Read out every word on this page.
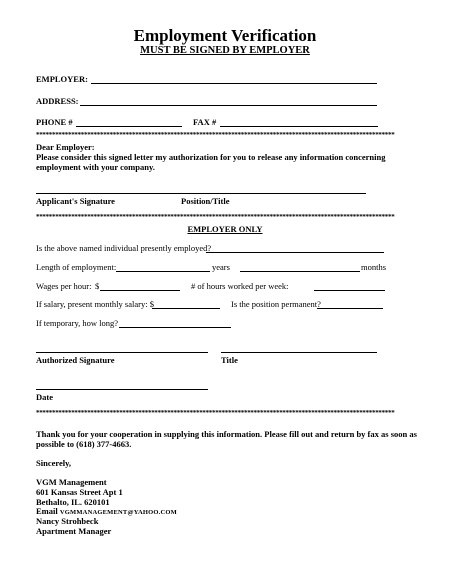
Employment Verification
MUST BE SIGNED BY EMPLOYER
EMPLOYER:
ADDRESS:
PHONE #	FAX #
****************************************************************************************************************
Dear Employer:
Please consider this signed letter my authorization for you to release any information concerning employment with your company.
Applicant's Signature	Position/Title
****************************************************************************************************************
EMPLOYER ONLY
Is the above named individual presently employed?
Length of employment:	years	months
Wages per hour: $	# of hours worked per week:
If salary, present monthly salary: $	Is the position permanent?
If temporary, how long?
Authorized Signature	Title
Date
****************************************************************************************************************
Thank you for your cooperation in supplying this information. Please fill out and return by fax as soon as possible to (618) 377-4663.
Sincerely,
VGM Management
601 Kansas Street Apt 1
Bethalto, IL. 620101
Email VGMMANAGEMENT@YAHOO.COM
Nancy Strohbeck
Apartment Manager
